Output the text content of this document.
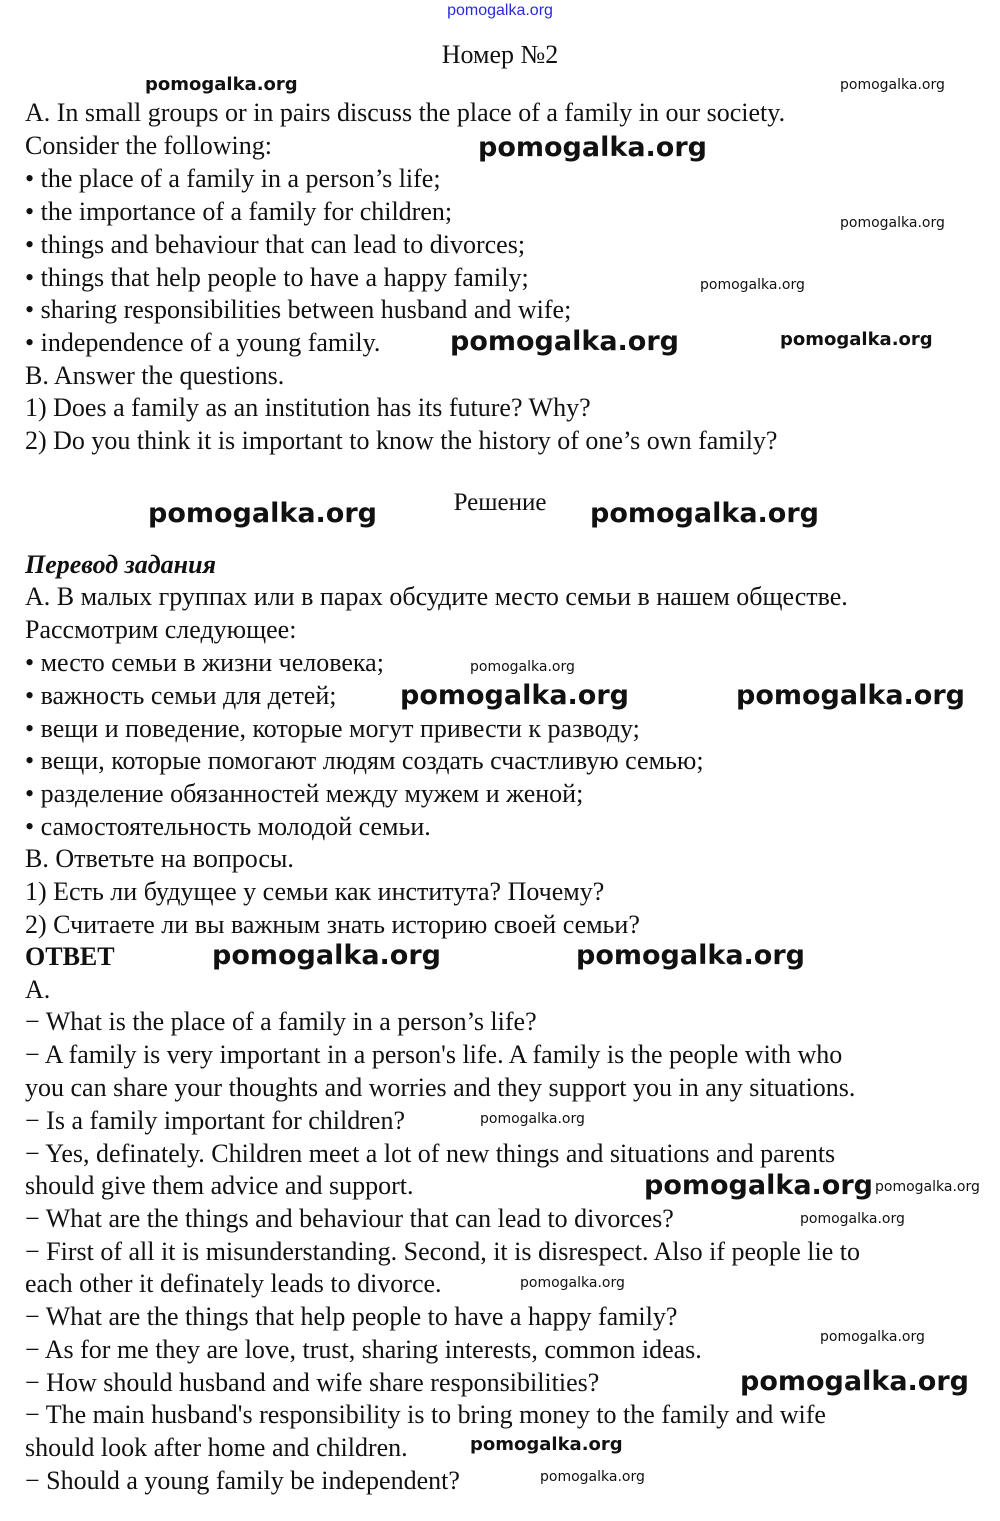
pomogalka.org
Номер №2
A. In small groups or in pairs discuss the place of a family in our society.
Consider the following:
• the place of a family in a person’s life;
• the importance of a family for children;
• things and behaviour that can lead to divorces;
• things that help people to have a happy family;
• sharing responsibilities between husband and wife;
• independence of a young family.
B. Answer the questions.
1) Does a family as an institution has its future? Why?
2) Do you think it is important to know the history of one’s own family?
Решение
Перевод задания
А. В малых группах или в парах обсудите место семьи в нашем обществе.
Рассмотрим следующее:
• место семьи в жизни человека;
• важность семьи для детей;
• вещи и поведение, которые могут привести к разводу;
• вещи, которые помогают людям создать счастливую семью;
• разделение обязанностей между мужем и женой;
• самостоятельность молодой семьи.
В. Ответьте на вопросы.
1) Есть ли будущее у семьи как института? Почему?
2) Считаете ли вы важным знать историю своей семьи?
ОТВЕТ
A.
− What is the place of a family in a person’s life?
− A family is very important in a person's life. A family is the people with who
you can share your thoughts and worries and they support you in any situations.
− Is a family important for children?
− Yes, definately. Children meet a lot of new things and situations and parents
should give them advice and support.
− What are the things and behaviour that can lead to divorces?
− First of all it is misunderstanding. Second, it is disrespect. Also if people lie to
each other it definately leads to divorce.
− What are the things that help people to have a happy family?
− As for me they are love, trust, sharing interests, common ideas.
− How should husband and wife share responsibilities?
− The main husband's responsibility is to bring money to the family and wife
should look after home and children.
− Should a young family be independent?
pomogalka.org
pomogalka.org
pomogalka.org	pomogalka.org
pomogalka.org	pomogalka.org
pomogalka.org	pomogalka.org
pomogalka.org
pomogalka.org
pomogalka.org
pomogalka.org
pomogalka.org
pomogalka.org
pomogalka.org
pomogalka.org
pomogalka.org
pomogalka.org
pomogalka.org
pomogalka.org
pomogalka.org
pomogalka.org
pomogalka.org
